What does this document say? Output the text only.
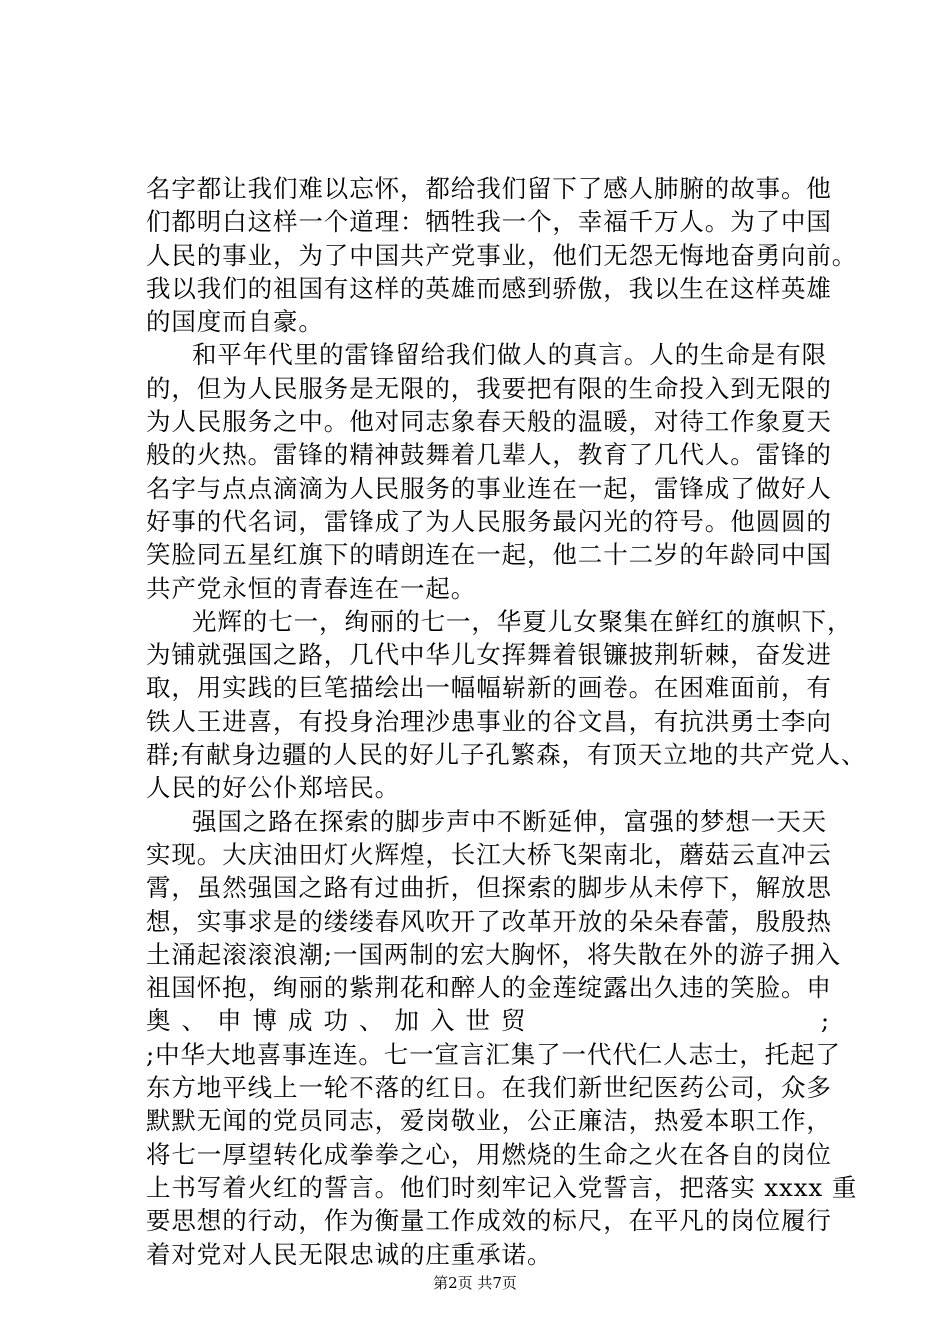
名字都让我们难以忘怀，都给我们留下了感人肺腑的故事。他
们都明白这样一个道理：牺牲我一个，幸福千万人。为了中国
人民的事业，为了中国共产党事业，他们无怨无悔地奋勇向前。
我以我们的祖国有这样的英雄而感到骄傲，我以生在这样英雄
的国度而自豪。
和平年代里的雷锋留给我们做人的真言。人的生命是有限
的，但为人民服务是无限的，我要把有限的生命投入到无限的
为人民服务之中。他对同志象春天般的温暖，对待工作象夏天
般的火热。雷锋的精神鼓舞着几辈人，教育了几代人。雷锋的
名字与点点滴滴为人民服务的事业连在一起，雷锋成了做好人
好事的代名词，雷锋成了为人民服务最闪光的符号。他圆圆的
笑脸同五星红旗下的晴朗连在一起，他二十二岁的年龄同中国
共产党永恒的青春连在一起。
光辉的七一，绚丽的七一，华夏儿女聚集在鲜红的旗帜下，
为铺就强国之路，几代中华儿女挥舞着银镰披荆斩棘，奋发进
取，用实践的巨笔描绘出一幅幅崭新的画卷。在困难面前，有
铁人王进喜，有投身治理沙患事业的谷文昌，有抗洪勇士李向
群;有献身边疆的人民的好儿子孔繁森，有顶天立地的共产党人、
人民的好公仆郑培民。
强国之路在探索的脚步声中不断延伸，富强的梦想一天天
实现。大庆油田灯火辉煌，长江大桥飞架南北，蘑菇云直冲云
霄，虽然强国之路有过曲折，但探索的脚步从未停下，解放思
想，实事求是的缕缕春风吹开了改革开放的朵朵春蕾，殷殷热
土涌起滚滚浪潮;一国两制的宏大胸怀，将失散在外的游子拥入
祖国怀抱，绚丽的紫荆花和醉人的金莲绽露出久违的笑脸。申
奥、申博成功、加入世贸	;
;中华大地喜事连连。七一宣言汇集了一代代仁人志士，托起了
东方地平线上一轮不落的红日。在我们新世纪医药公司，众多
默默无闻的党员同志，爱岗敬业，公正廉洁，热爱本职工作，
将七一厚望转化成拳拳之心，用燃烧的生命之火在各自的岗位
上书写着火红的誓言。他们时刻牢记入党誓言，把落实 xxxx 重
要思想的行动，作为衡量工作成效的标尺，在平凡的岗位履行
着对党对人民无限忠诚的庄重承诺。
第2页 共7页
